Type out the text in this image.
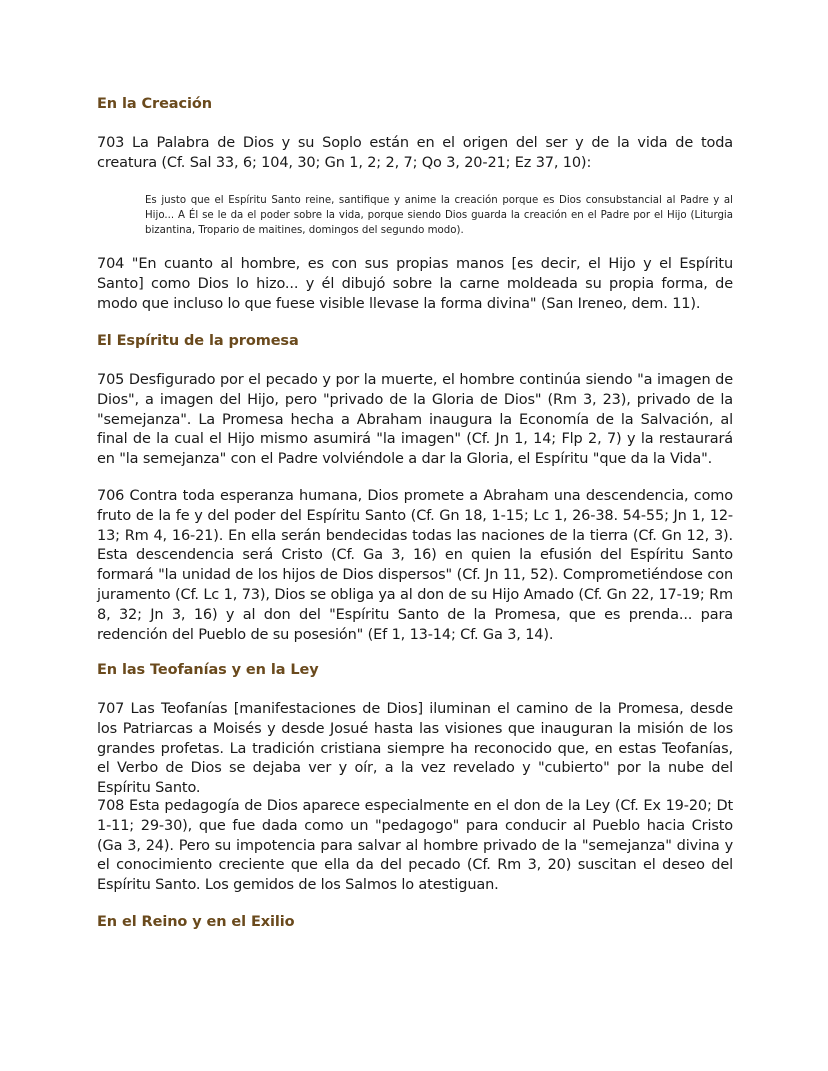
En la Creación
703 La Palabra de Dios y su Soplo están en el origen del ser y de la vida de toda creatura (Cf. Sal 33, 6; 104, 30; Gn 1, 2; 2, 7; Qo 3, 20-21; Ez 37, 10):
Es justo que el Espíritu Santo reine, santifique y anime la creación porque es Dios consubstancial al Padre y al Hijo... A Él se le da el poder sobre la vida, porque siendo Dios guarda la creación en el Padre por el Hijo (Liturgia bizantina, Tropario de maitines, domingos del segundo modo).
704 "En cuanto al hombre, es con sus propias manos [es decir, el Hijo y el Espíritu Santo] como Dios lo hizo... y él dibujó sobre la carne moldeada su propia forma, de modo que incluso lo que fuese visible llevase la forma divina" (San Ireneo, dem. 11).
El Espíritu de la promesa
705 Desfigurado por el pecado y por la muerte, el hombre continúa siendo "a imagen de Dios", a imagen del Hijo, pero "privado de la Gloria de Dios" (Rm 3, 23), privado de la "semejanza". La Promesa hecha a Abraham inaugura la Economía de la Salvación, al final de la cual el Hijo mismo asumirá "la imagen" (Cf. Jn 1, 14; Flp 2, 7) y la restaurará en "la semejanza" con el Padre volviéndole a dar la Gloria, el Espíritu "que da la Vida".
706 Contra toda esperanza humana, Dios promete a Abraham una descendencia, como fruto de la fe y del poder del Espíritu Santo (Cf. Gn 18, 1-15; Lc 1, 26-38. 54-55; Jn 1, 12-13; Rm 4, 16-21). En ella serán bendecidas todas las naciones de la tierra (Cf. Gn 12, 3). Esta descendencia será Cristo (Cf. Ga 3, 16) en quien la efusión del Espíritu Santo formará "la unidad de los hijos de Dios dispersos" (Cf. Jn 11, 52). Comprometiéndose con juramento (Cf. Lc 1, 73), Dios se obliga ya al don de su Hijo Amado (Cf. Gn 22, 17-19; Rm 8, 32; Jn 3, 16) y al don del "Espíritu Santo de la Promesa, que es prenda... para redención del Pueblo de su posesión" (Ef 1, 13-14; Cf. Ga 3, 14).
En las Teofanías y en la Ley
707 Las Teofanías [manifestaciones de Dios] iluminan el camino de la Promesa, desde los Patriarcas a Moisés y desde Josué hasta las visiones que inauguran la misión de los grandes profetas. La tradición cristiana siempre ha reconocido que, en estas Teofanías, el Verbo de Dios se dejaba ver y oír, a la vez revelado y "cubierto" por la nube del Espíritu Santo.
708 Esta pedagogía de Dios aparece especialmente en el don de la Ley (Cf. Ex 19-20; Dt 1-11; 29-30), que fue dada como un "pedagogo" para conducir al Pueblo hacia Cristo (Ga 3, 24). Pero su impotencia para salvar al hombre privado de la "semejanza" divina y el conocimiento creciente que ella da del pecado (Cf. Rm 3, 20) suscitan el deseo del Espíritu Santo. Los gemidos de los Salmos lo atestiguan.
En el Reino y en el Exilio
